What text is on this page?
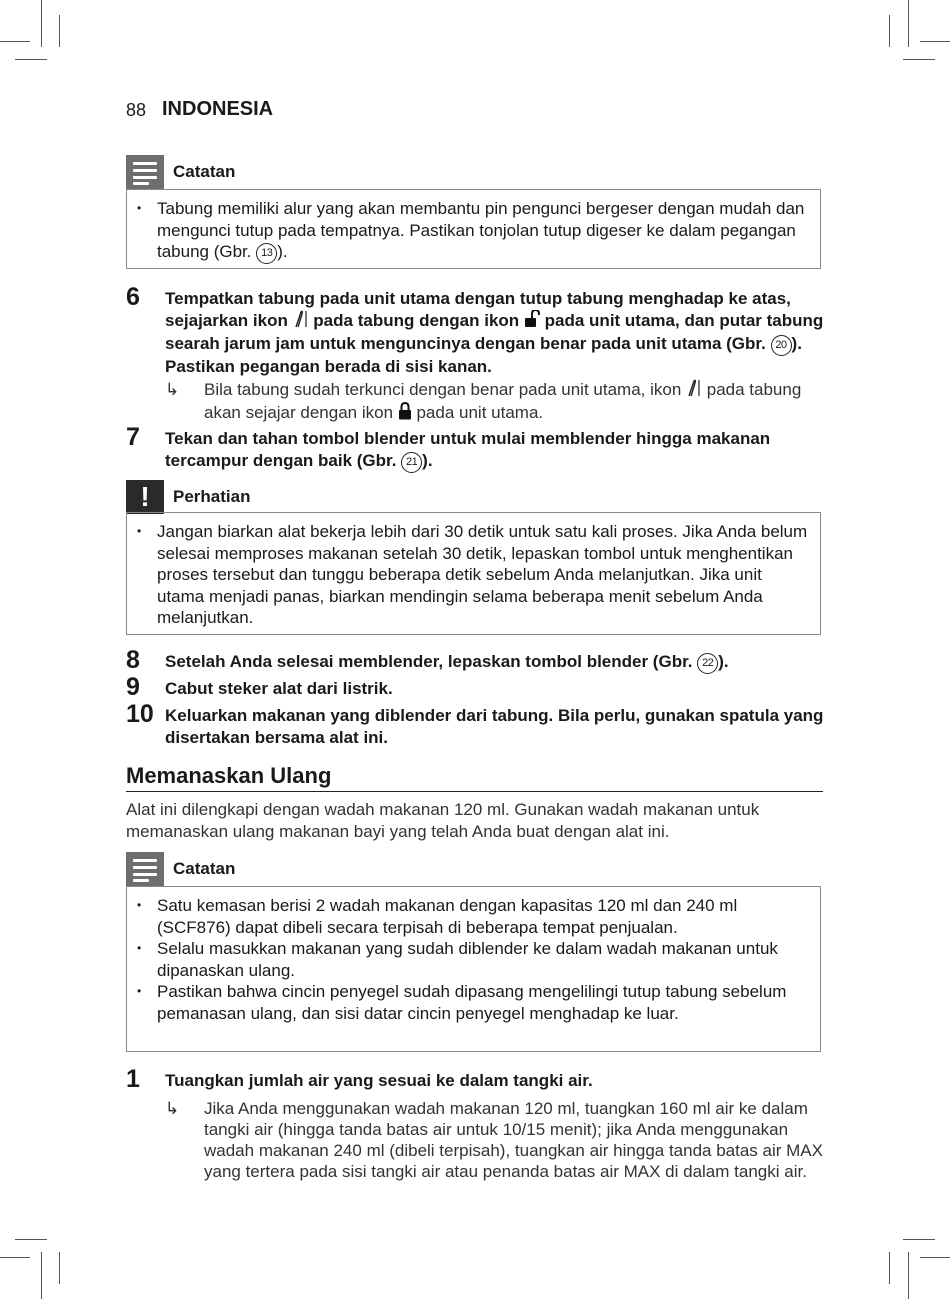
88 INDONESIA
Catatan
• Tabung memiliki alur yang akan membantu pin pengunci bergeser dengan mudah dan mengunci tutup pada tempatnya. Pastikan tonjolan tutup digeser ke dalam pegangan tabung (Gbr. 13 ).
6 Tempatkan tabung pada unit utama dengan tutup tabung menghadap ke atas, sejajarkan ikon  pada tabung dengan ikon  pada unit utama, dan putar tabung searah jarum jam untuk menguncinya dengan benar pada unit utama (Gbr. 20 ). Pastikan pegangan berada di sisi kanan.
↳ Bila tabung sudah terkunci dengan benar pada unit utama, ikon  pada tabung akan sejajar dengan ikon  pada unit utama.
7 Tekan dan tahan tombol blender untuk mulai memblender hingga makanan tercampur dengan baik (Gbr. 21 ).
!	Perhatian
• Jangan biarkan alat bekerja lebih dari 30 detik untuk satu kali proses. Jika Anda belum selesai memproses makanan setelah 30 detik, lepaskan tombol untuk menghentikan proses tersebut dan tunggu beberapa detik sebelum Anda melanjutkan. Jika unit utama menjadi panas, biarkan mendingin selama beberapa menit sebelum Anda melanjutkan.
8 Setelah Anda selesai memblender, lepaskan tombol blender (Gbr. 22 ).
9 Cabut steker alat dari listrik.
10 Keluarkan makanan yang diblender dari tabung. Bila perlu, gunakan spatula yang disertakan bersama alat ini.
Memanaskan Ulang
Alat ini dilengkapi dengan wadah makanan 120 ml. Gunakan wadah makanan untuk memanaskan ulang makanan bayi yang telah Anda buat dengan alat ini.
Catatan
• Satu kemasan berisi 2 wadah makanan dengan kapasitas 120 ml dan 240 ml (SCF876) dapat dibeli secara terpisah di beberapa tempat penjualan.
• Selalu masukkan makanan yang sudah diblender ke dalam wadah makanan untuk dipanaskan ulang.
• Pastikan bahwa cincin penyegel sudah dipasang mengelilingi tutup tabung sebelum pemanasan ulang, dan sisi datar cincin penyegel menghadap ke luar.
1 Tuangkan jumlah air yang sesuai ke dalam tangki air.
↳ Jika Anda menggunakan wadah makanan 120 ml, tuangkan 160 ml air ke dalam tangki air (hingga tanda batas air untuk 10/15 menit); jika Anda menggunakan wadah makanan 240 ml (dibeli terpisah), tuangkan air hingga tanda batas air MAX yang tertera pada sisi tangki air atau penanda batas air MAX di dalam tangki air.
